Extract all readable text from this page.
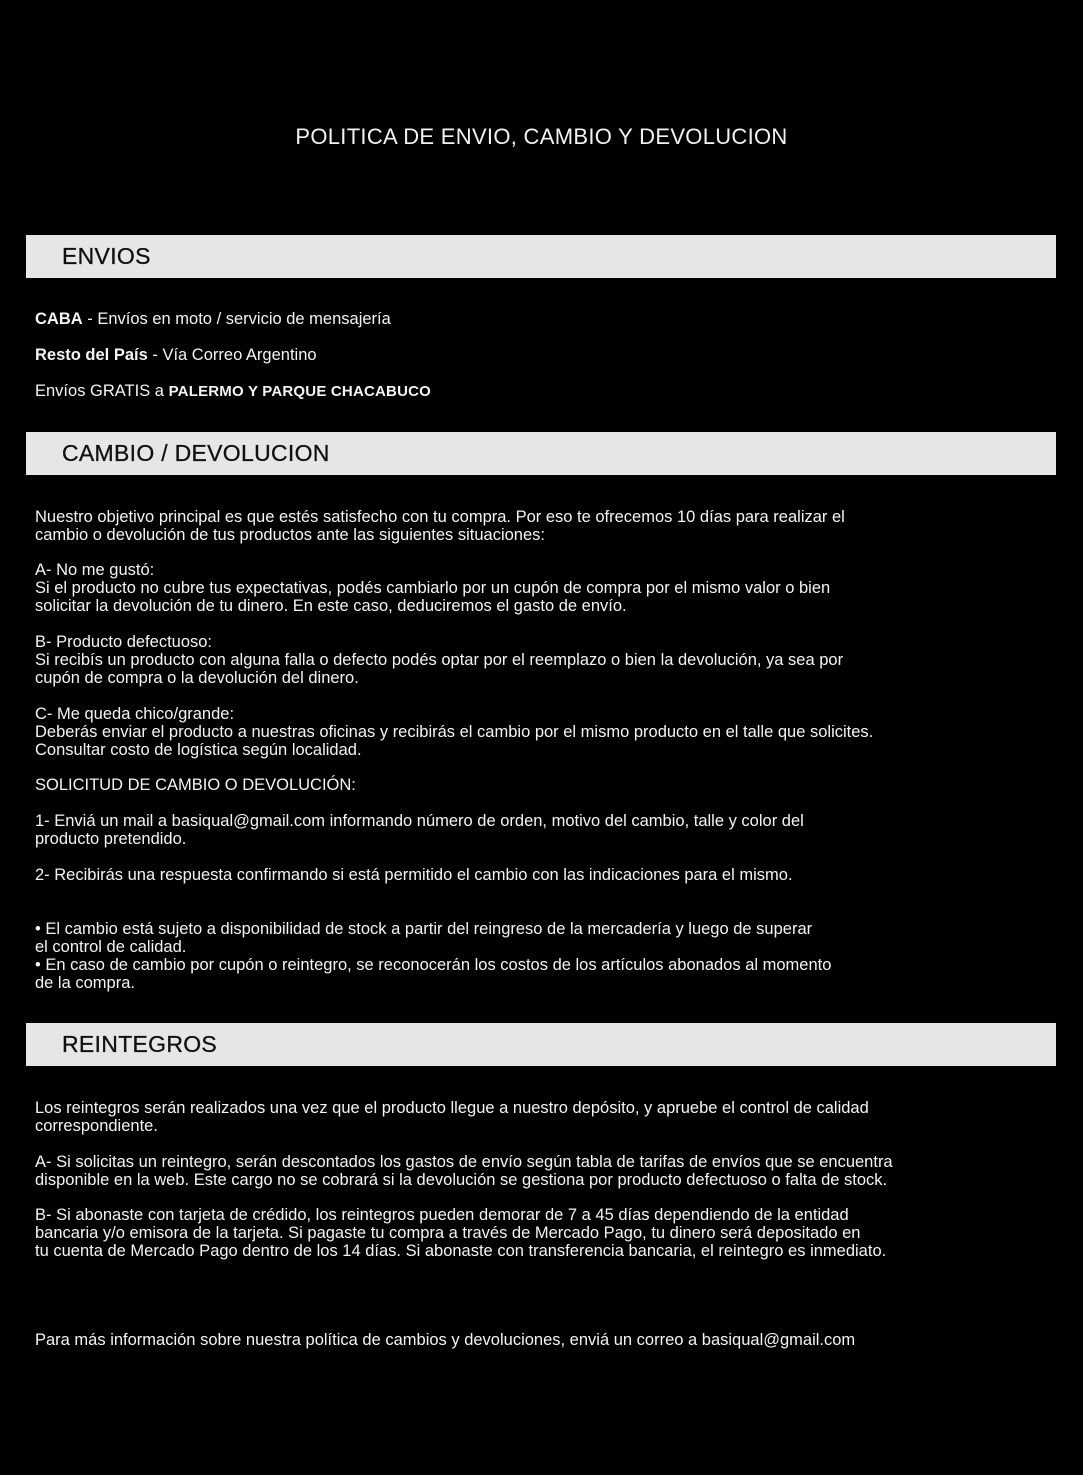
POLITICA DE ENVIO, CAMBIO Y DEVOLUCION
ENVIOS

CABA - Envíos en moto / servicio de mensajería

Resto del País - Vía Correo Argentino

Envíos GRATIS a PALERMO Y PARQUE CHACABUCO

CAMBIO / DEVOLUCION

Nuestro objetivo principal es que estés satisfecho con tu compra. Por eso te ofrecemos 10 días para realizar el

cambio o devolución de tus productos ante las siguientes situaciones:

A- No me gustó:

Si el producto no cubre tus expectativas, podés cambiarlo por un cupón de compra por el mismo valor o bien

solicitar la devolución de tu dinero. En este caso, deduciremos el gasto de envío.

B- Producto defectuoso:

Si recibís un producto con alguna falla o defecto podés optar por el reemplazo o bien la devolución, ya sea por

cupón de compra o la devolución del dinero.

C- Me queda chico/grande:

Deberás enviar el producto a nuestras oficinas y recibirás el cambio por el mismo producto en el talle que solicites.

Consultar costo de logística según localidad.

SOLICITUD DE CAMBIO O DEVOLUCIÓN:

1- Enviá un mail a basiqual@gmail.com informando número de orden, motivo del cambio, talle y color del

producto pretendido.

2- Recibirás una respuesta confirmando si está permitido el cambio con las indicaciones para el mismo.

• El cambio está sujeto a disponibilidad de stock a partir del reingreso de la mercadería y luego de superar

el control de calidad.

• En caso de cambio por cupón o reintegro, se reconocerán los costos de los artículos abonados al momento

de la compra.

REINTEGROS

Los reintegros serán realizados una vez que el producto llegue a nuestro depósito, y apruebe el control de calidad

correspondiente.

A- Si solicitas un reintegro, serán descontados los gastos de envío según tabla de tarifas de envíos que se encuentra

disponible en la web. Este cargo no se cobrará si la devolución se gestiona por producto defectuoso o falta de stock.

B- Si abonaste con tarjeta de crédido, los reintegros pueden demorar de 7 a 45 días dependiendo de la entidad

bancaria y/o emisora de la tarjeta. Si pagaste tu compra a través de Mercado Pago, tu dinero será depositado en

tu cuenta de Mercado Pago dentro de los 14 días. Si abonaste con transferencia bancaria, el reintegro es inmediato.

Para más información sobre nuestra política de cambios y devoluciones, enviá un correo a basiqual@gmail.com
